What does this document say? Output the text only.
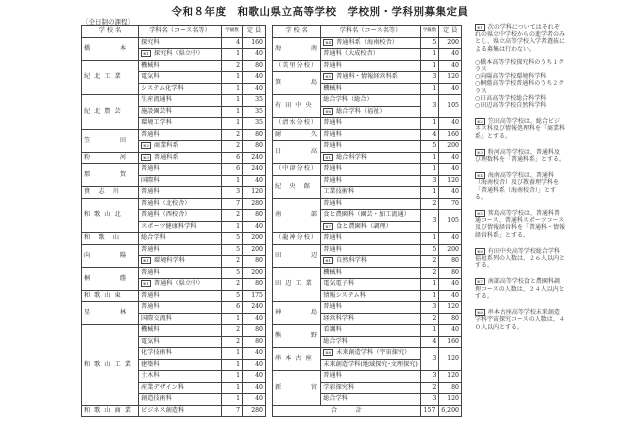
令和８年度　和歌山県立高等学校　学校別・学科別募集定員
〔全日制の課程〕
学 校 名	学科名（コース名等）	学級数	定 員
橋　　　　本	探究科	4	160
	※1 探究科（県立中）	1	40
紀 北 工 業	機械科	2	80
	電気科	1	40
	システム化学科	1	40
紀 北 農 芸	生産流通科	1	35
	施設園芸科	1	35
	環境工学科	1	35
笠　　　　田	普通科	2	80
	※2 商業科系	2	80
粉　　　　河	※3 普通科系	6	240
那　　　　賀	普通科	6	240
	国際科	1	40
貴　志　川	普通科	3	120
和 歌 山 北	普通科（北校舎）	7	280
	普通科（西校舎）	2	80
	スポーツ健康科学科	1	40
和　歌　山	総合学科	5	200
向　　　　陽	普通科	5	200
	※1 環境科学科	2	80
桐　　　　蔭	普通科	5	200
	※1 普通科（県立中）	2	80
和 歌 山 東	普通科	5	175
星　　　　林	普通科	6	240
	国際交流科	1	40
和 歌 山 工 業	機械科	2	80
	電気科	2	80
	化学技術科	1	40
	建築科	1	40
	土木科	1	40
	産業デザイン科	1	40
	創造技術科	1	40
和 歌 山 商 業	ビジネス創造科	7	280
学 校 名	学科名（コース名等）	学級数	定 員
海　　　　南	※4 普通科系（海南校舎）	5	200
	普通科（大成校舎）	1	40
（美里分校）	普通科	1	40
箕　　　　島	※5 普通科・情報経営科系	3	120
	機械科	1	40
有 田 中 央	総合学科（総合）	3	105
	※6 総合学科（福祉）		
（清水分校）	普通科	1	40
耐　　　　久	普通科	4	160
日　　　　高	普通科	5	200
	※1 総合科学科	1	40
（中津分校）	普通科	1	40
紀　央　館	普通科	3	120
	工業技術科	1	40
南　　　　部	普通科	2	70
	食と農園科（園芸・加工流通）	3	105
	※7 食と農園科（調理）		
（龍神分校）	普通科	1	40
田　　　　辺	普通科	5	200
	※1 自然科学科	2	80
田 辺 工 業	機械科	2	80
	電気電子科	1	40
	情報システム科	1	40
神　　　　島	普通科	3	120
	経営科学科	2	80
熊　　　　野	看護科	1	40
	総合学科	4	160
串 本 古 座	※8 未来創造学科（宇宙探究）	3	120
	未来創造学科(地域探究･文理探究)		
新　　　　宮	普通科	3	120
	学彩探究科	2	80
	総合学科	3	120
合　　　計		157	6,200

※1 次の学科についてはそれぞれの県立中学校からの進学者のみとし、県立高等学校入学者選抜による募集は行わない。

○橋本高等学校探究科のうち１クラス

○向陽高等学校環境科学科

○桐蔭高等学校普通科のうち２クラス

○日高高等学校総合科学科

○田辺高等学校自然科学科

※2 笠田高等学校は、総合ビジネス科及び情報処理科を「商業科系」とする。

※3 粉河高等学校は、普通科及び理数科を「普通科系」とする。

※4 海南高等学校は、普通科（海南校舎）及び教養理学科を「普通科系（海南校舎）」とする。

※5 箕島高等学校は、普通科普通コース、普通科スポーツコース及び情報経営科を「普通科・情報経営科系」とする。

※6 有田中央高等学校総合学科福祉系列の人数は、２６人以内とする。

※7 南部高等学校食と農園科調理コースの人数は、２４人以内とする。

※8 串本古座高等学校未来創造学科宇宙探究コースの人数は、４０人以内とする。
